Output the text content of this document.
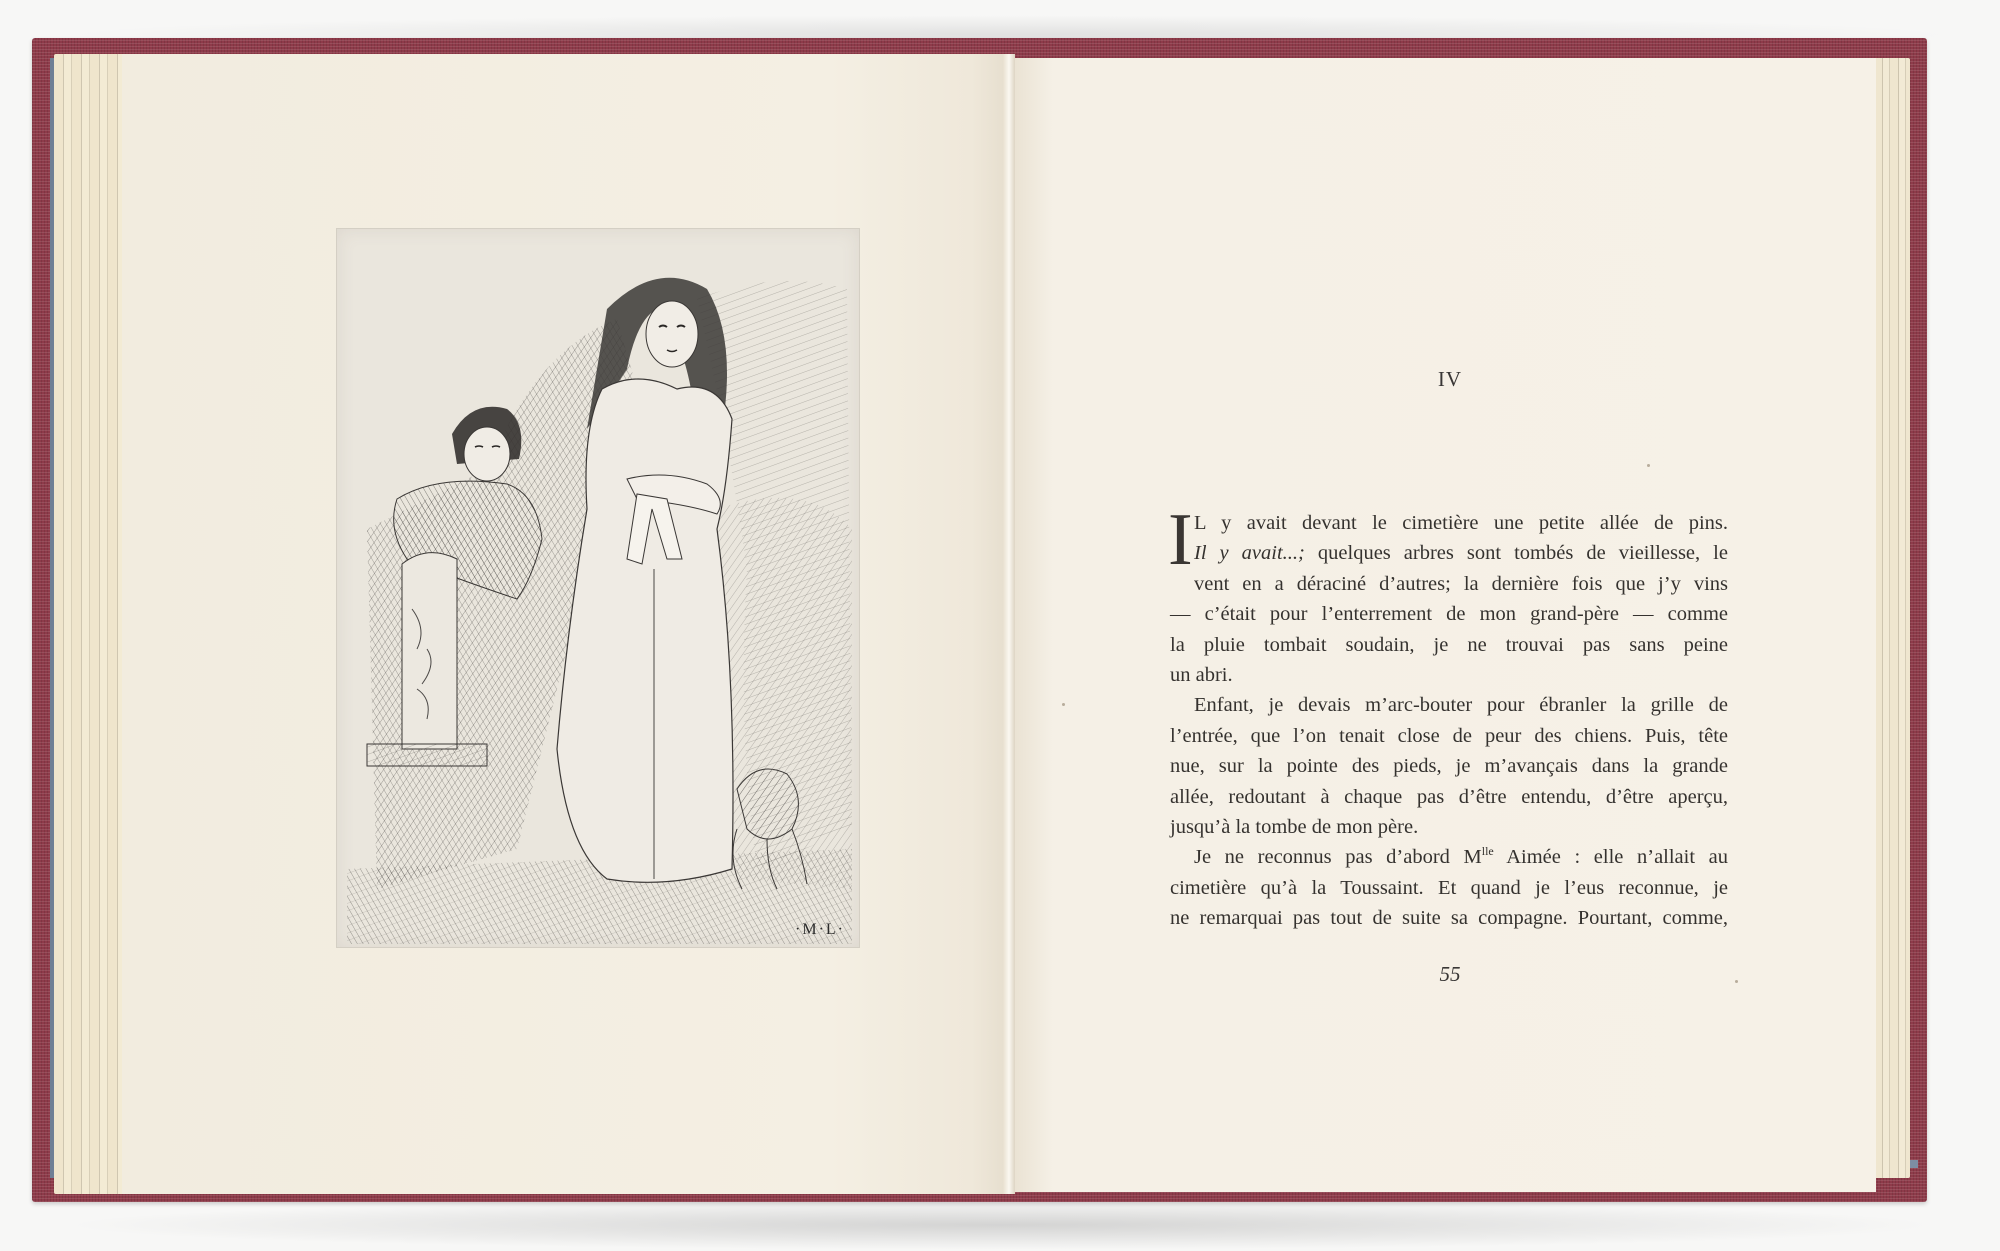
·M·L·
IV
I L y avait devant le cimetière une petite allée de pins.
Il y avait...; quelques arbres sont tombés de vieillesse, le
vent en a déraciné d’autres; la dernière fois que j’y vins
— c’était pour l’enterrement de mon grand-père — comme
la pluie tombait soudain, je ne trouvai pas sans peine
un abri.
Enfant, je devais m’arc-bouter pour ébranler la grille de
l’entrée, que l’on tenait close de peur des chiens. Puis, tête
nue, sur la pointe des pieds, je m’avançais dans la grande
allée, redoutant à chaque pas d’être entendu, d’être aperçu,
jusqu’à la tombe de mon père.
Je ne reconnus pas d’abord $M^{lle}$ Aimée : elle n’allait au
cimetière qu’à la Toussaint. Et quand je l’eus reconnue, je
ne remarquai pas tout de suite sa compagne. Pourtant, comme,
55
